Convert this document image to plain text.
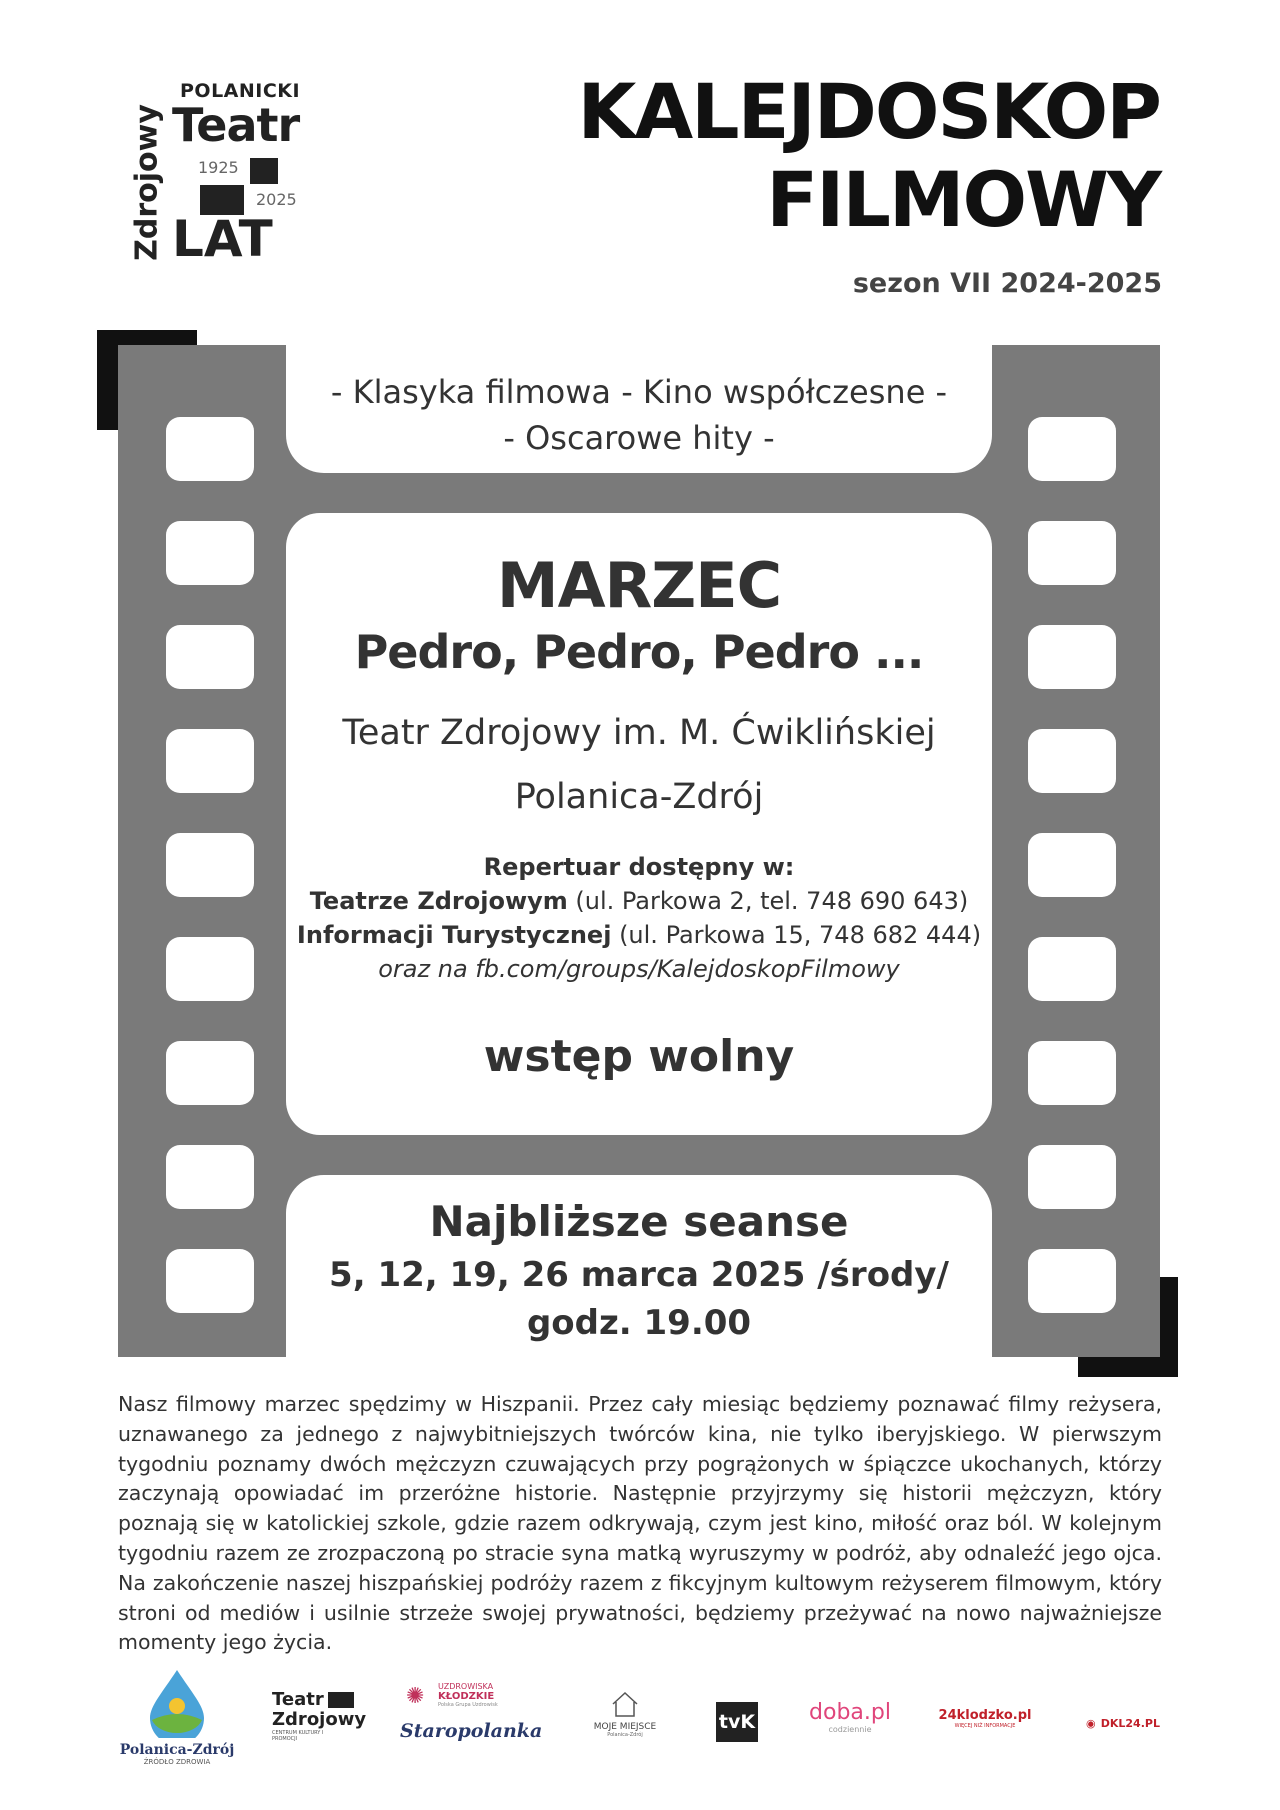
POLANICKI
Zdrojowy Teatr
1925
2025
LAT
KALEJDOSKOP
FILMOWY
sezon VII 2024-2025
- Klasyka filmowa - Kino współczesne -
- Oscarowe hity -
MARZEC
Pedro, Pedro, Pedro ...
Teatr Zdrojowy im. M. Ćwiklińskiej
Polanica-Zdrój
Repertuar dostępny w:
Teatrze Zdrojowym (ul. Parkowa 2, tel. 748 690 643)
Informacji Turystycznej (ul. Parkowa 15, 748 682 444)
oraz na fb.com/groups/KalejdoskopFilmowy
wstęp wolny
Najbliższe seanse
5, 12, 19, 26 marca 2025 /środy/
godz. 19.00
Nasz filmowy marzec spędzimy w Hiszpanii. Przez cały miesiąc będziemy poznawać filmy reżysera, uznawanego za jednego z najwybitniejszych twórców kina, nie tylko iberyjskiego. W pierwszym tygodniu poznamy dwóch mężczyzn czuwających przy pogrążonych w śpiączce ukochanych, którzy zaczynają opowiadać im przeróżne historie. Następnie przyjrzymy się historii mężczyzn, który poznają się w katolickiej szkole, gdzie razem odkrywają, czym jest kino, miłość oraz ból. W kolejnym tygodniu razem ze zrozpaczoną po stracie syna matką wyruszymy w podróż, aby odnaleźć jego ojca. Na zakończenie naszej hiszpańskiej podróży razem z fikcyjnym kultowym reżyserem filmowym, który stroni od mediów i usilnie strzeże swojej prywatności, będziemy przeżywać na nowo najważniejsze momenty jego życia.
Polanica-Zdrój
ŹRÓDŁO ZDROWIA
Teatr
Zdrojowy
CENTRUM KULTURY I PROMOCJI
UZDROWISKA
KŁODZKIE
Polska Grupa Uzdrowisk
✺
Staropolanka	MOJE MIEJSCE
Polanica-Zdrój
tvK	doba.pl
codziennie
24klodzko.pl
WIĘCEJ NIŻ INFORMACJE	◉ DKL24.PL
